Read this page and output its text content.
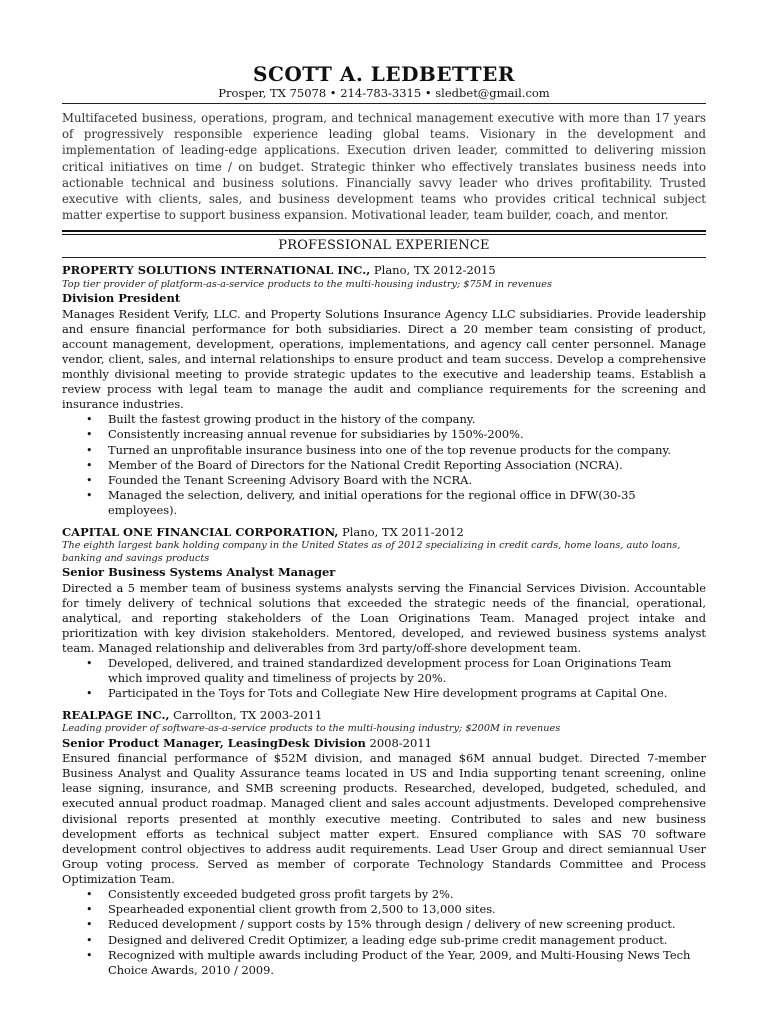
SCOTT A. LEDBETTER
Prosper, TX 75078 • 214-783-3315 • sledbet@gmail.com
Multifaceted business, operations, program, and technical management executive with more than 17 years of progressively responsible experience leading global teams. Visionary in the development and implementation of leading-edge applications. Execution driven leader, committed to delivering mission critical initiatives on time / on budget. Strategic thinker who effectively translates business needs into actionable technical and business solutions. Financially savvy leader who drives profitability. Trusted executive with clients, sales, and business development teams who provides critical technical subject matter expertise to support business expansion. Motivational leader, team builder, coach, and mentor.
PROFESSIONAL EXPERIENCE
PROPERTY SOLUTIONS INTERNATIONAL INC., Plano, TX 2012-2015
Top tier provider of platform-as-a-service products to the multi-housing industry; $75M in revenues
Division President
Manages Resident Verify, LLC. and Property Solutions Insurance Agency LLC subsidiaries. Provide leadership and ensure financial performance for both subsidiaries. Direct a 20 member team consisting of product, account management, development, operations, implementations, and agency call center personnel. Manage vendor, client, sales, and internal relationships to ensure product and team success. Develop a comprehensive monthly divisional meeting to provide strategic updates to the executive and leadership teams. Establish a review process with legal team to manage the audit and compliance requirements for the screening and insurance industries.
• Built the fastest growing product in the history of the company.
• Consistently increasing annual revenue for subsidiaries by 150%-200%.
• Turned an unprofitable insurance business into one of the top revenue products for the company.
• Member of the Board of Directors for the National Credit Reporting Association (NCRA).
• Founded the Tenant Screening Advisory Board with the NCRA.
• Managed the selection, delivery, and initial operations for the regional office in DFW(30-35 employees).
CAPITAL ONE FINANCIAL CORPORATION, Plano, TX 2011-2012
The eighth largest bank holding company in the United States as of 2012 specializing in credit cards, home loans, auto loans, banking and savings products
Senior Business Systems Analyst Manager
Directed a 5 member team of business systems analysts serving the Financial Services Division. Accountable for timely delivery of technical solutions that exceeded the strategic needs of the financial, operational, analytical, and reporting stakeholders of the Loan Originations Team. Managed project intake and prioritization with key division stakeholders. Mentored, developed, and reviewed business systems analyst team. Managed relationship and deliverables from 3rd party/off-shore development team.
• Developed, delivered, and trained standardized development process for Loan Originations Team which improved quality and timeliness of projects by 20%.
• Participated in the Toys for Tots and Collegiate New Hire development programs at Capital One.
REALPAGE INC., Carrollton, TX 2003-2011
Leading provider of software-as-a-service products to the multi-housing industry; $200M in revenues
Senior Product Manager, LeasingDesk Division 2008-2011
Ensured financial performance of $52M division, and managed $6M annual budget. Directed 7-member Business Analyst and Quality Assurance teams located in US and India supporting tenant screening, online lease signing, insurance, and SMB screening products. Researched, developed, budgeted, scheduled, and executed annual product roadmap. Managed client and sales account adjustments. Developed comprehensive divisional reports presented at monthly executive meeting. Contributed to sales and new business development efforts as technical subject matter expert. Ensured compliance with SAS 70 software development control objectives to address audit requirements. Lead User Group and direct semiannual User Group voting process. Served as member of corporate Technology Standards Committee and Process Optimization Team.
• Consistently exceeded budgeted gross profit targets by 2%.
• Spearheaded exponential client growth from 2,500 to 13,000 sites.
• Reduced development / support costs by 15% through design / delivery of new screening product.
• Designed and delivered Credit Optimizer, a leading edge sub-prime credit management product.
• Recognized with multiple awards including Product of the Year, 2009, and Multi-Housing News Tech Choice Awards, 2010 / 2009.
